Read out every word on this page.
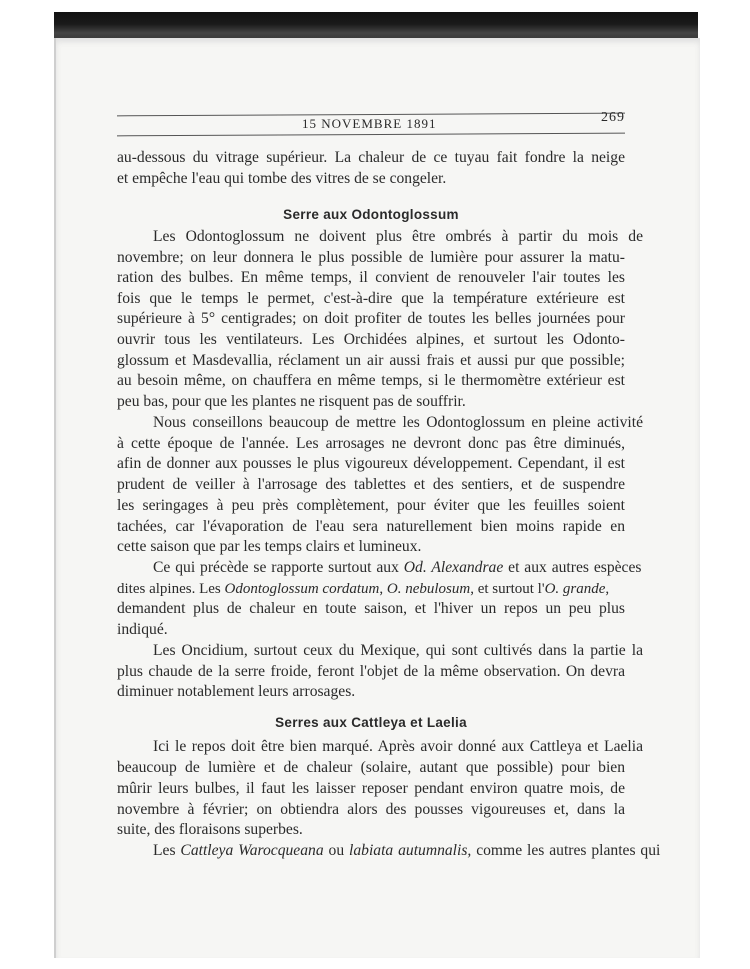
15 NOVEMBRE 1891	269
au-dessous du vitrage supérieur. La chaleur de ce tuyau fait fondre la neige
et empêche l'eau qui tombe des vitres de se congeler.
Serre aux Odontoglossum
Les Odontoglossum ne doivent plus être ombrés à partir du mois de
novembre; on leur donnera le plus possible de lumière pour assurer la matu-
ration des bulbes. En même temps, il convient de renouveler l'air toutes les
fois que le temps le permet, c'est-à-dire que la température extérieure est
supérieure à 5° centigrades; on doit profiter de toutes les belles journées pour
ouvrir tous les ventilateurs. Les Orchidées alpines, et surtout les Odonto-
glossum et Masdevallia, réclament un air aussi frais et aussi pur que possible;
au besoin même, on chauffera en même temps, si le thermomètre extérieur est
peu bas, pour que les plantes ne risquent pas de souffrir.
Nous conseillons beaucoup de mettre les Odontoglossum en pleine activité
à cette époque de l'année. Les arrosages ne devront donc pas être diminués,
afin de donner aux pousses le plus vigoureux développement. Cependant, il est
prudent de veiller à l'arrosage des tablettes et des sentiers, et de suspendre
les seringages à peu près complètement, pour éviter que les feuilles soient
tachées, car l'évaporation de l'eau sera naturellement bien moins rapide en
cette saison que par les temps clairs et lumineux.
Ce qui précède se rapporte surtout aux Od. Alexandrae et aux autres espèces
dites alpines. Les Odontoglossum cordatum, O. nebulosum, et surtout l'O. grande,
demandent plus de chaleur en toute saison, et l'hiver un repos un peu plus
indiqué.
Les Oncidium, surtout ceux du Mexique, qui sont cultivés dans la partie la
plus chaude de la serre froide, feront l'objet de la même observation. On devra
diminuer notablement leurs arrosages.
Serres aux Cattleya et Laelia
Ici le repos doit être bien marqué. Après avoir donné aux Cattleya et Laelia
beaucoup de lumière et de chaleur (solaire, autant que possible) pour bien
mûrir leurs bulbes, il faut les laisser reposer pendant environ quatre mois, de
novembre à février; on obtiendra alors des pousses vigoureuses et, dans la
suite, des floraisons superbes.
Les Cattleya Warocqueana ou labiata autumnalis, comme les autres plantes qui
